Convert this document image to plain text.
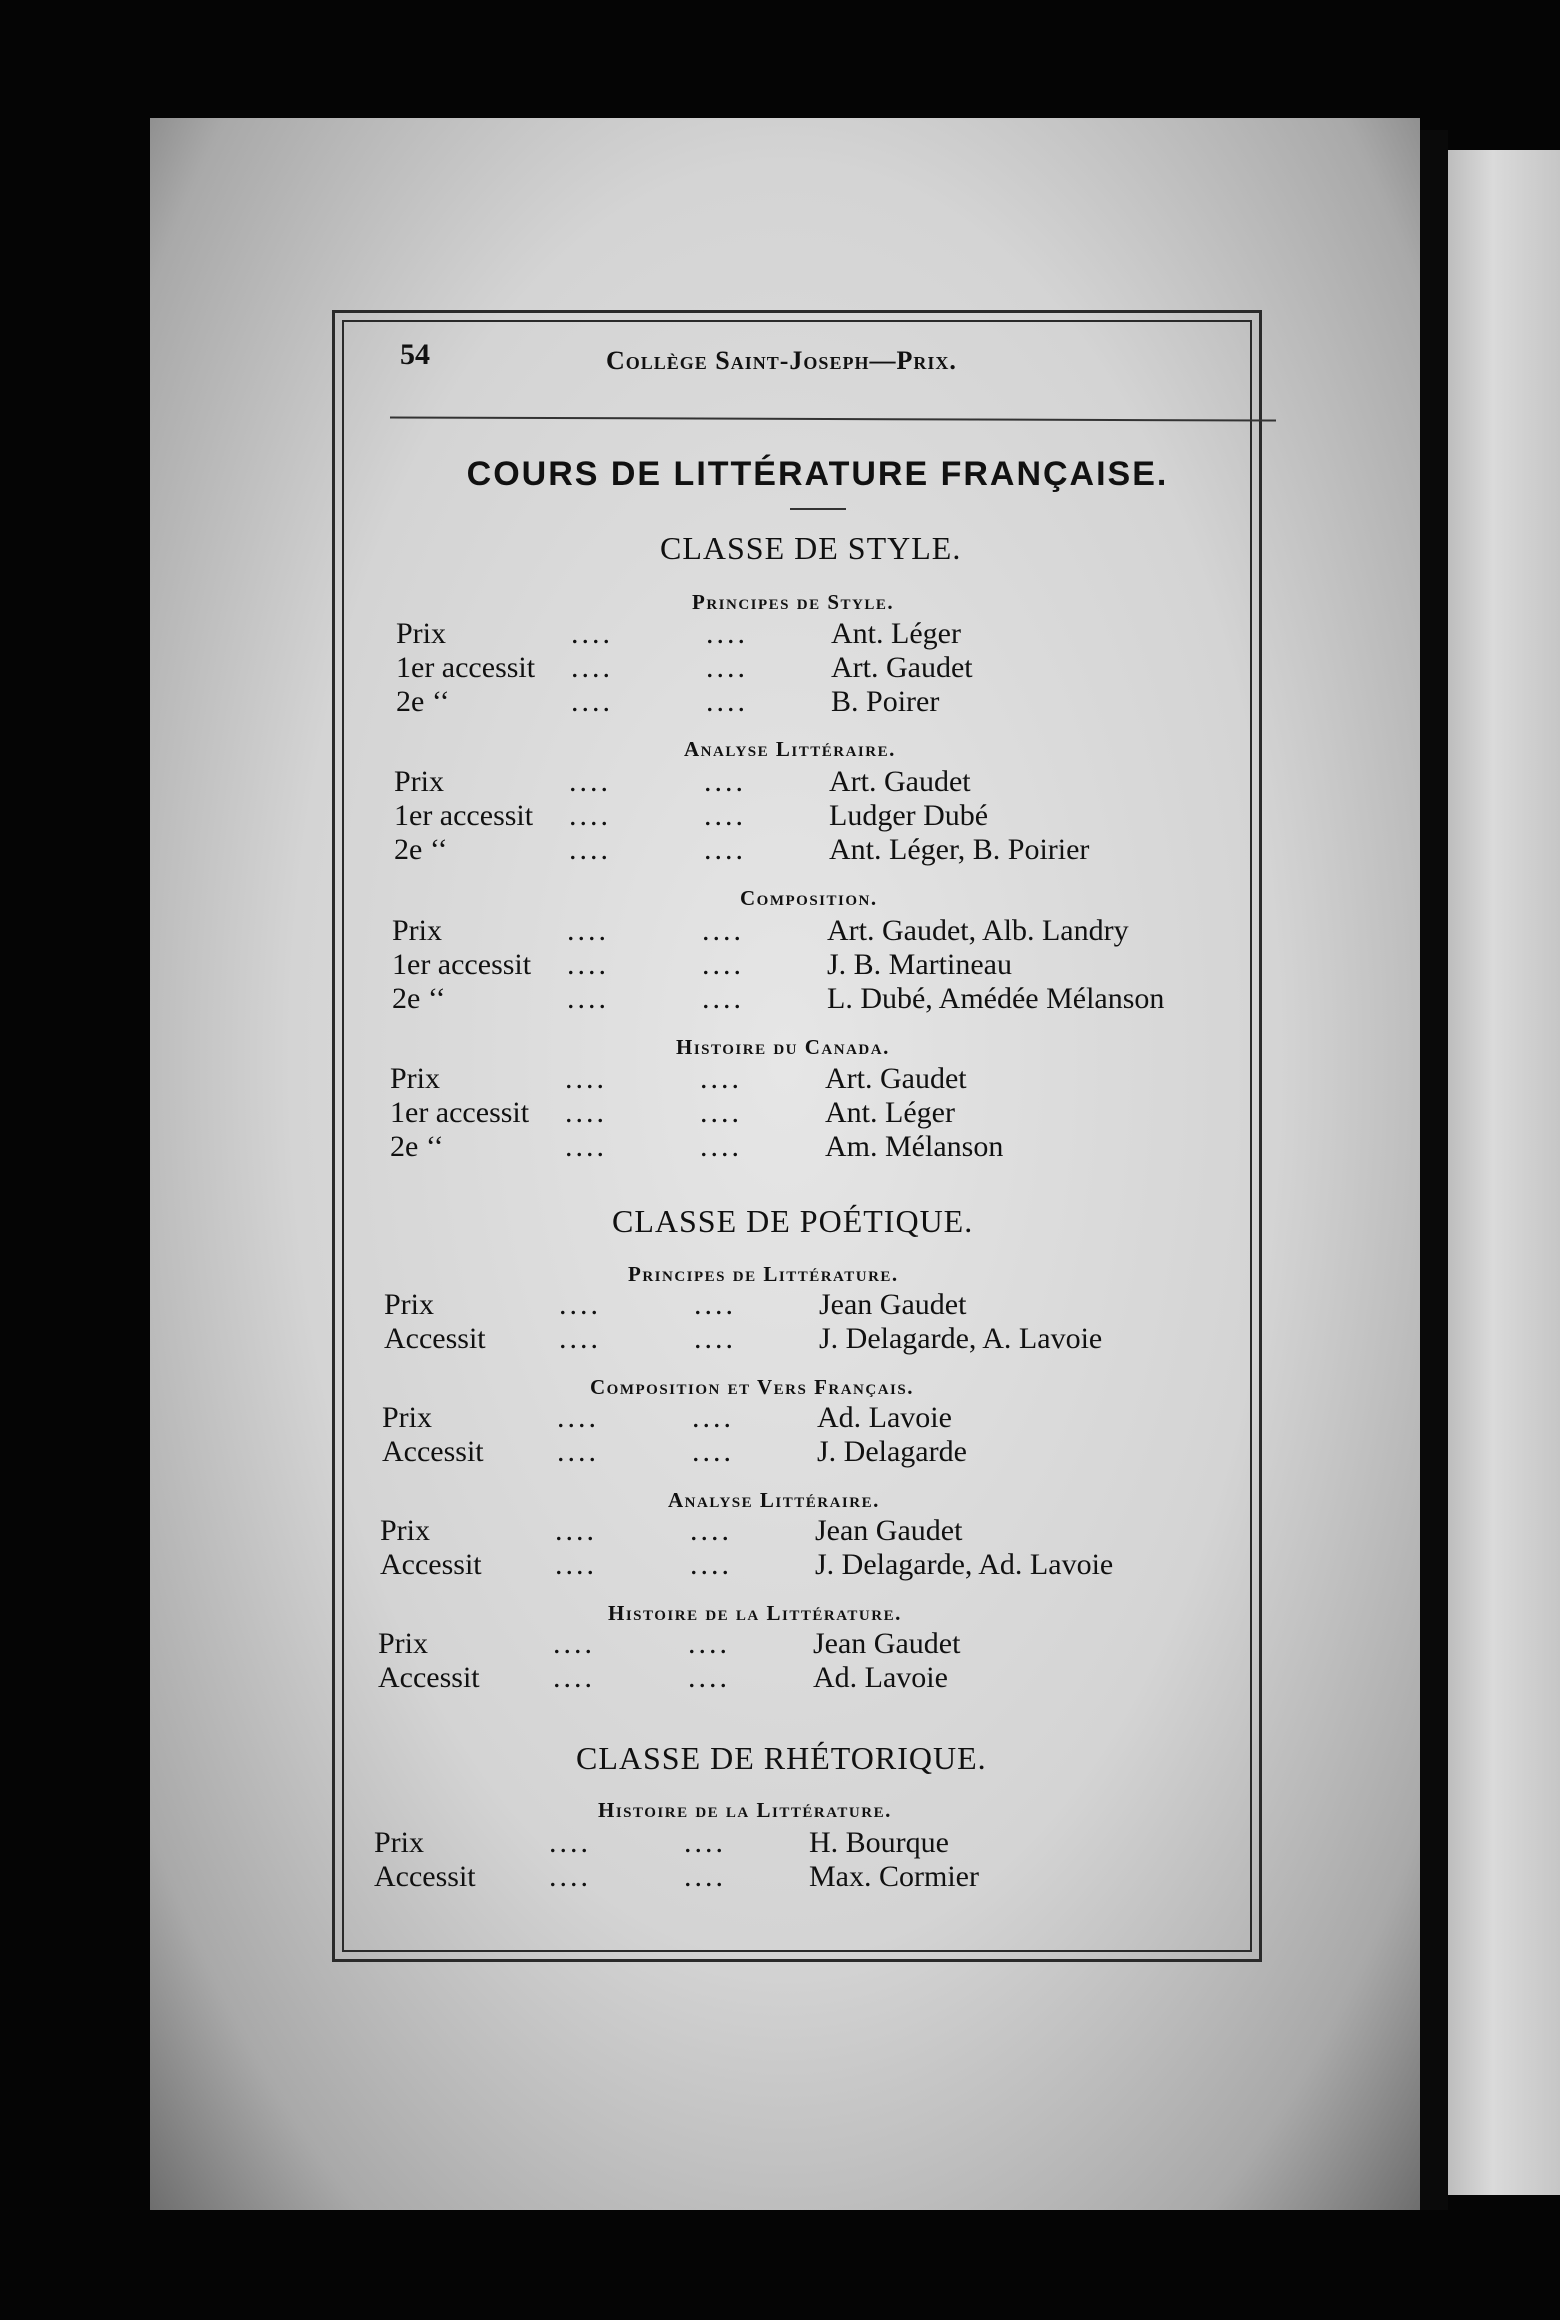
54	Collège Saint-Joseph—Prix.
COURS DE LITTÉRATURE FRANÇAISE.
CLASSE DE STYLE.
Principes de Style.
Prix	....	....	Ant. Léger
1er accessit ....	....	Art. Gaudet
2e ‘‘	....	....	B. Poirer
Analyse Littéraire.
Prix	....	....	Art. Gaudet
1er accessit ....	....	Ludger Dubé
2e ‘‘	....	....	Ant. Léger, B. Poirier
Composition.
Prix	....	....	Art. Gaudet, Alb. Landry
1er accessit ....	....	J. B. Martineau
2e ‘‘	....	....	L. Dubé, Amédée Mélanson
Histoire du Canada.
Prix	....	....	Art. Gaudet
1er accessit ....	....	Ant. Léger
2e ‘‘	....	....	Am. Mélanson
CLASSE DE POÉTIQUE.
Principes de Littérature.
Prix	....	....	Jean Gaudet
Accessit ....	....	J. Delagarde, A. Lavoie
Composition et Vers Français.
Prix	....	....	Ad. Lavoie
Accessit ....	....	J. Delagarde
Analyse Littéraire.
Prix	....	....	Jean Gaudet
Accessit ....	....	J. Delagarde, Ad. Lavoie
Histoire de la Littérature.
Prix	....	....	Jean Gaudet
Accessit ....	....	Ad. Lavoie
CLASSE DE RHÉTORIQUE.
Histoire de la Littérature.
Prix	....	....	H. Bourque
Accessit ....	....	Max. Cormier
